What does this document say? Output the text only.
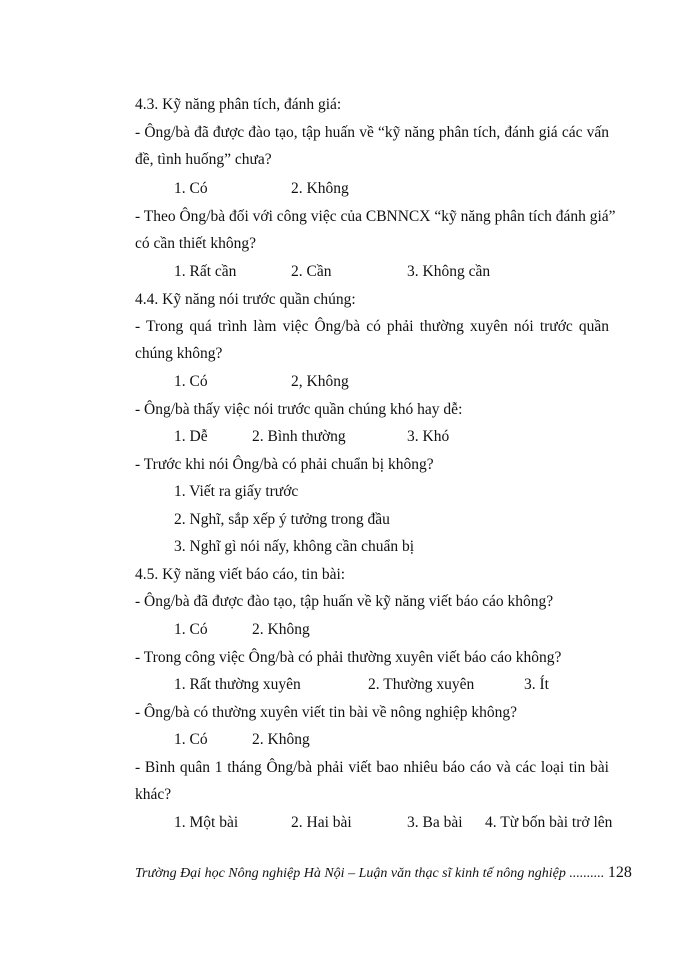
4.3. Kỹ năng phân tích, đánh giá:
- Ông/bà đã được đào tạo, tập huấn về “kỹ năng phân tích, đánh giá các vấn
đề, tình huống” chưa?
1. Có	2. Không
- Theo Ông/bà đối với công việc của CBNNCX “kỹ năng phân tích đánh giá”
có cần thiết không?
1. Rất cần	2. Cần	3. Không cần
4.4. Kỹ năng nói trước quần chúng:
- Trong quá trình làm việc Ông/bà có phải thường xuyên nói trước quần
chúng không?
1. Có	2, Không
- Ông/bà thấy việc nói trước quần chúng khó hay dễ:
1. Dễ	2. Bình thường	3. Khó
- Trước khi nói Ông/bà có phải chuẩn bị không?
1. Viết ra giấy trước
2. Nghĩ, sắp xếp ý tưởng trong đầu
3. Nghĩ gì nói nấy, không cần chuẩn bị
4.5. Kỹ năng viết báo cáo, tin bài:
- Ông/bà đã được đào tạo, tập huấn về kỹ năng viết báo cáo không?
1. Có	2. Không
- Trong công việc Ông/bà có phải thường xuyên viết báo cáo không?
1. Rất thường xuyên	2. Thường xuyên	3. Ít
- Ông/bà có thường xuyên viết tin bài về nông nghiệp không?
1. Có	2. Không
- Bình quân 1 tháng Ông/bà phải viết bao nhiêu báo cáo và các loại tin bài
khác?
1. Một bài	2. Hai bài	3. Ba bài 4. Từ bốn bài trở lên
Trường Đại học Nông nghiệp Hà Nội – Luận văn thạc sĩ kinh tế nông nghiệp .......... 128
